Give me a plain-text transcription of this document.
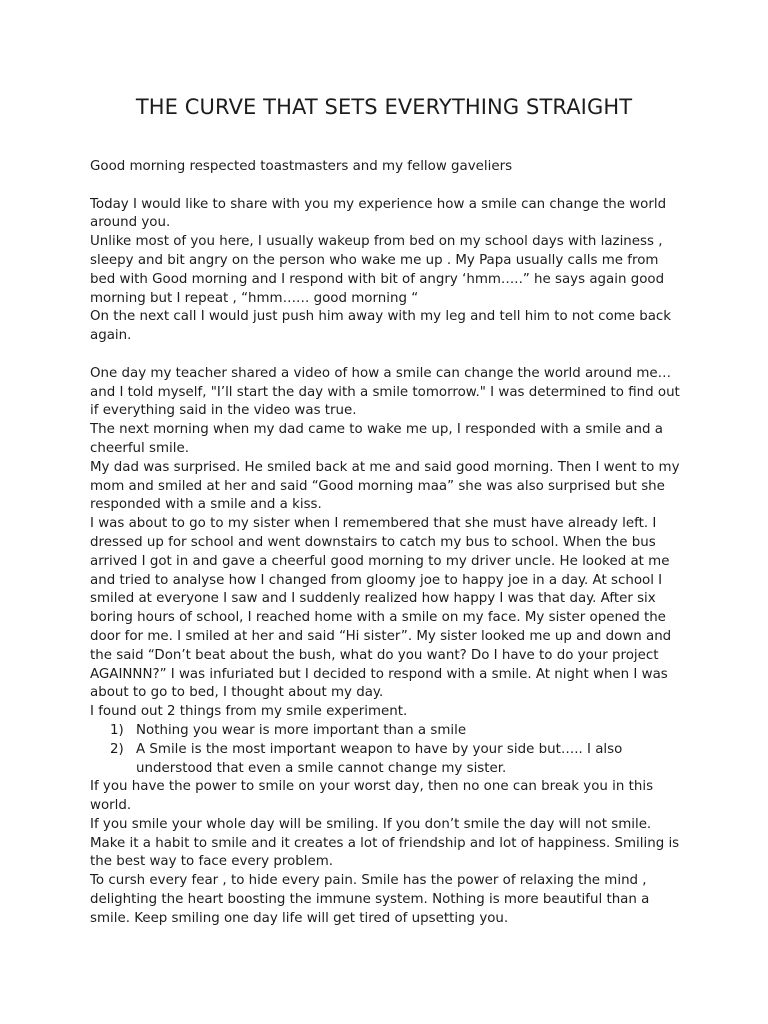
THE CURVE THAT SETS EVERYTHING STRAIGHT

Good morning respected toastmasters and my fellow gaveliers

Today I would like to share with you my experience how a smile can change the world around you.

Unlike most of you here, I usually wakeup from bed on my school days with laziness , sleepy and bit angry on the person who wake me up . My Papa usually calls me from bed with Good morning and I respond with bit of angry ‘hmm…..” he says again good morning but I repeat , “hmm…… good morning “

On the next call I would just push him away with my leg and tell him to not come back again.

One day my teacher shared a video of how a smile can change the world around me… and I told myself, "I’ll start the day with a smile tomorrow." I was determined to find out if everything said in the video was true.

The next morning when my dad came to wake me up, I responded with a smile and a cheerful smile.

My dad was surprised. He smiled back at me and said good morning. Then I went to my mom and smiled at her and said “Good morning maa” she was also surprised but she responded with a smile and a kiss.

I was about to go to my sister when I remembered that she must have already left. I dressed up for school and went downstairs to catch my bus to school. When the bus arrived I got in and gave a cheerful good morning to my driver uncle. He looked at me and tried to analyse how I changed from gloomy joe to happy joe in a day. At school I smiled at everyone I saw and I suddenly realized how happy I was that day. After six boring hours of school, I reached home with a smile on my face. My sister opened the door for me. I smiled at her and said “Hi sister”. My sister looked me up and down and the said “Don’t beat about the bush, what do you want? Do I have to do your project AGAINNN?” I was infuriated but I decided to respond with a smile. At night when I was about to go to bed, I thought about my day.

I found out 2 things from my smile experiment.

1) Nothing you wear is more important than a smile
2) A Smile is the most important weapon to have by your side but….. I also understood that even a smile cannot change my sister.

If you have the power to smile on your worst day, then no one can break you in this world.

If you smile your whole day will be smiling. If you don’t smile the day will not smile. Make it a habit to smile and it creates a lot of friendship and lot of happiness. Smiling is the best way to face every problem.

To cursh every fear , to hide every pain. Smile has the power of relaxing the mind , delighting the heart boosting the immune system. Nothing is more beautiful than a smile. Keep smiling one day life will get tired of upsetting you.
